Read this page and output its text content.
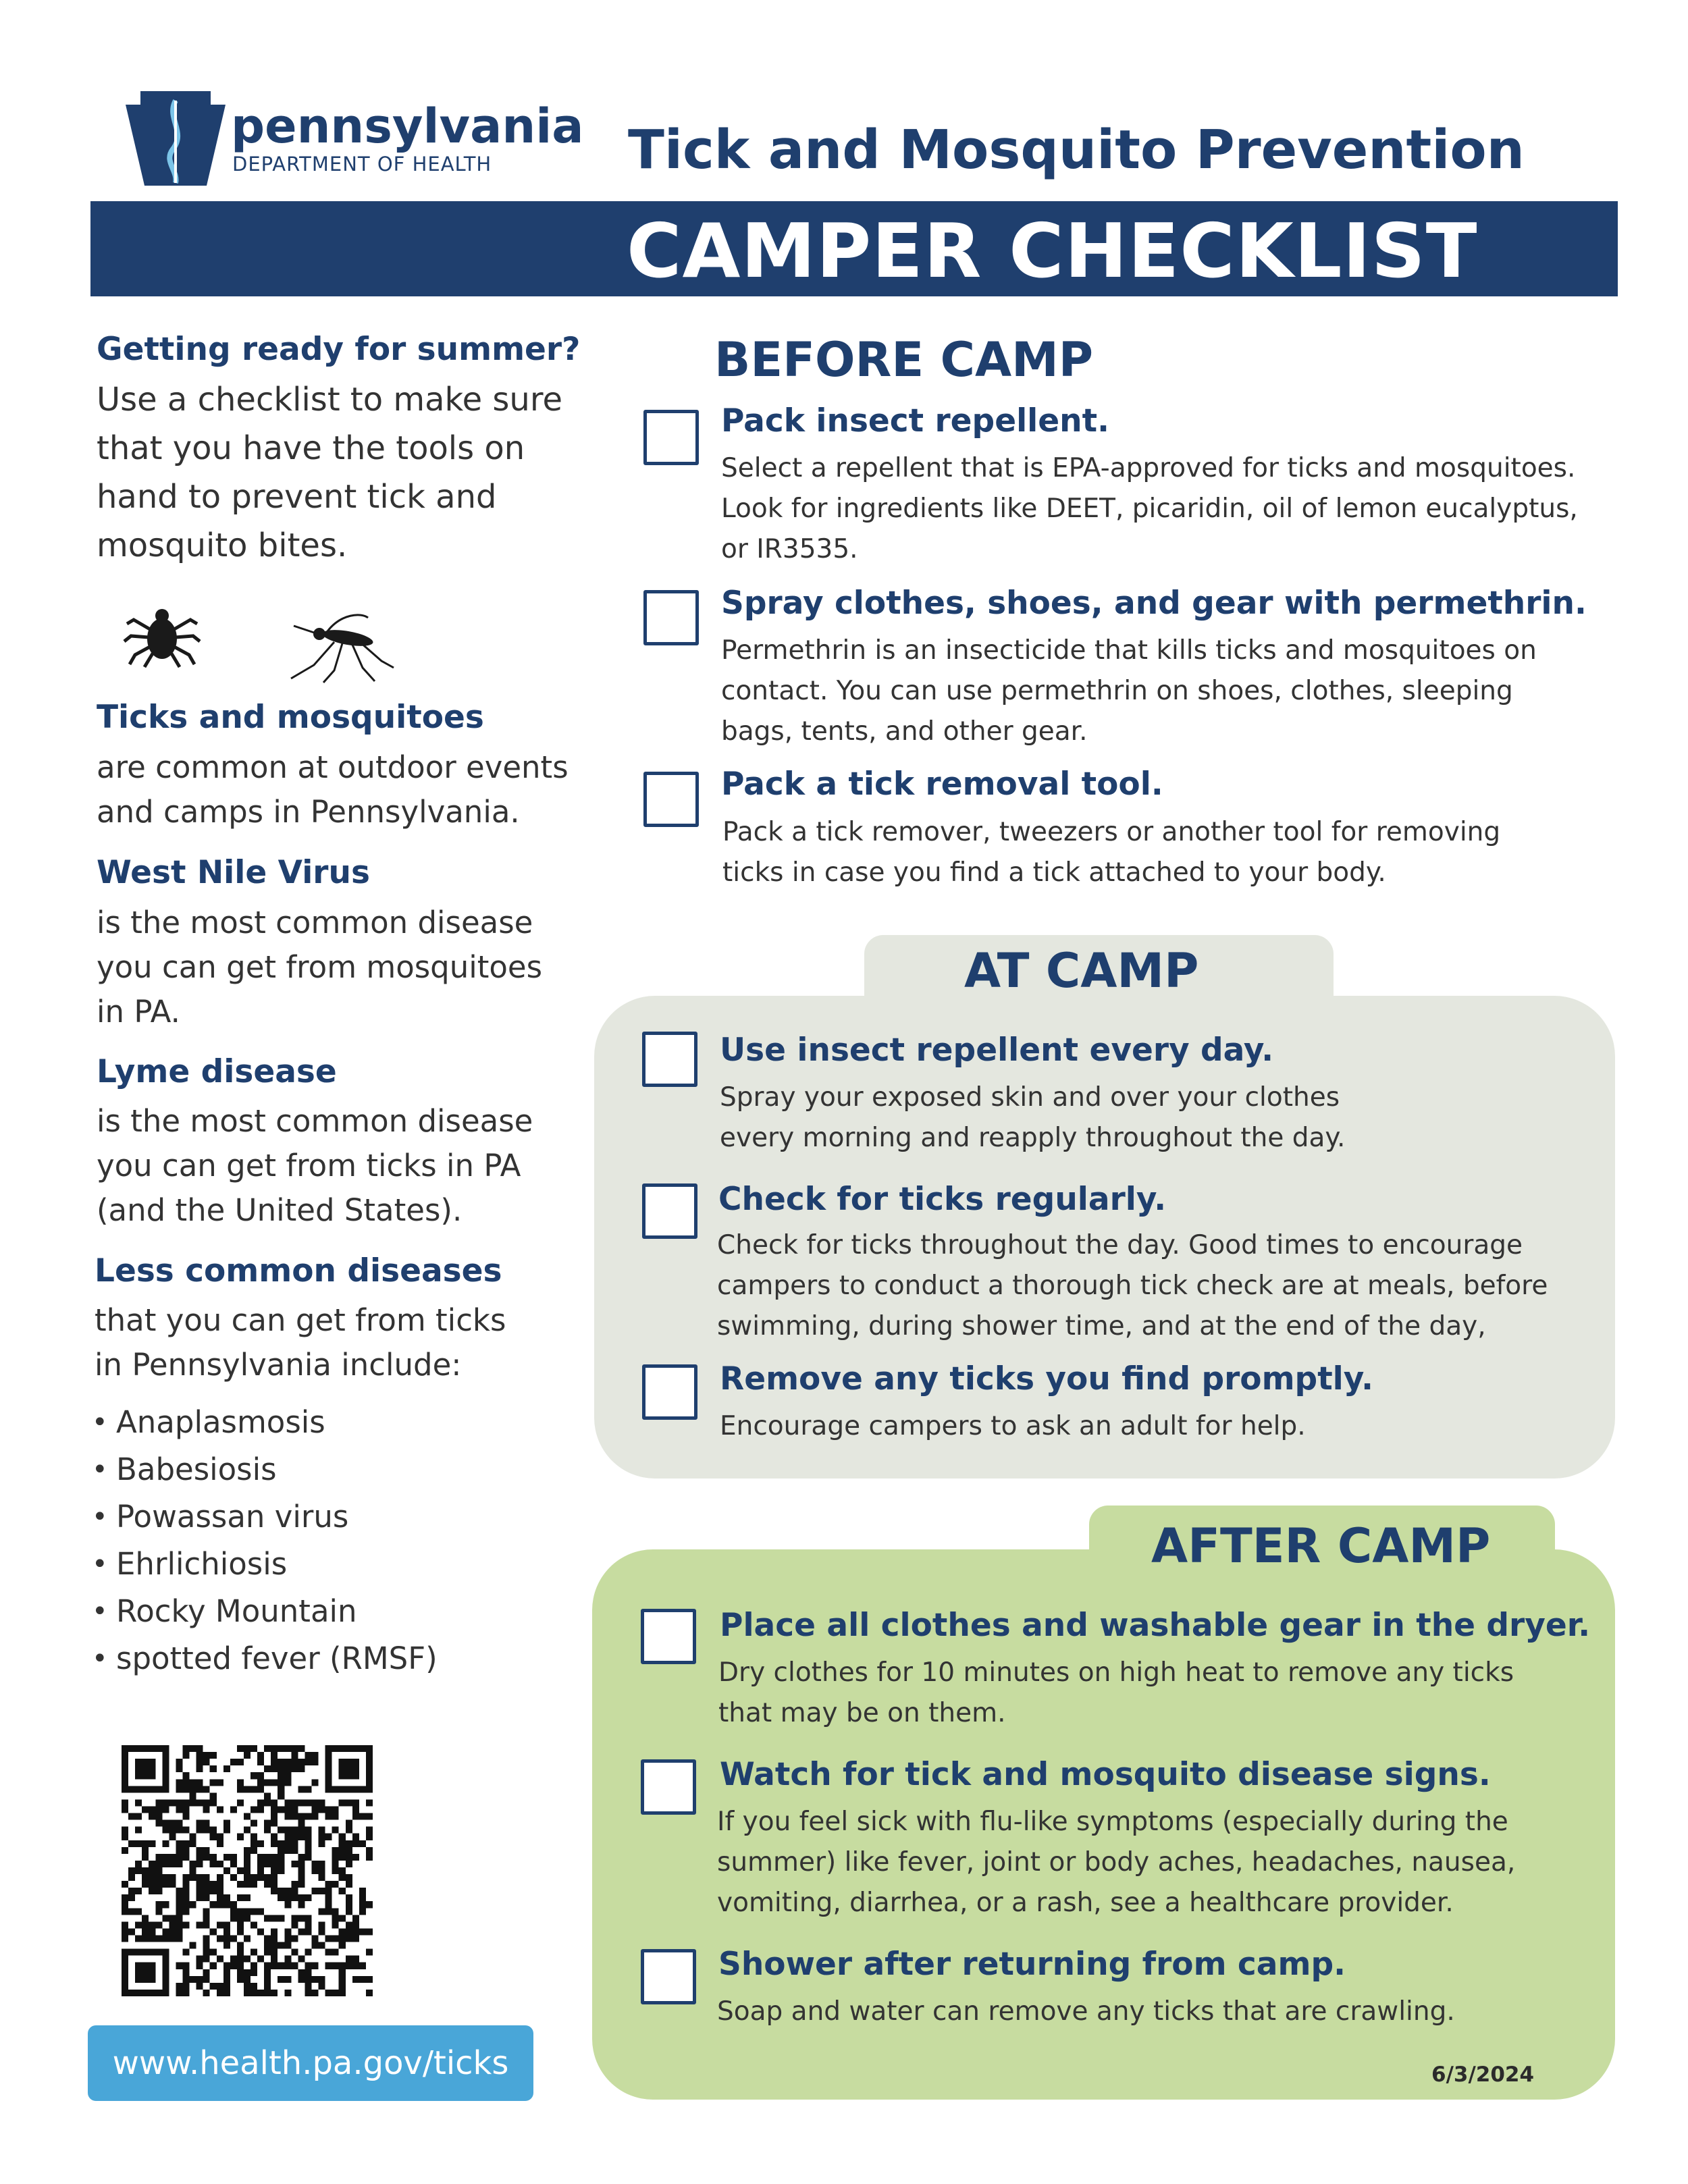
pennsylvania
DEPARTMENT OF HEALTH	Tick and Mosquito Prevention
CAMPER CHECKLIST
Getting ready for summer?
Use a checklist to make sure
that you have the tools on
hand to prevent tick and
mosquito bites.
Ticks and mosquitoes
are common at outdoor events
and camps in Pennsylvania.
West Nile Virus
is the most common disease
you can get from mosquitoes
in PA.
Lyme disease
is the most common disease
you can get from ticks in PA
(and the United States).
Less common diseases
that you can get from ticks
in Pennsylvania include:
• Anaplasmosis
• Babesiosis
• Powassan virus
• Ehrlichiosis
• Rocky Mountain
• spotted fever (RMSF)
www.health.pa.gov/ticks
BEFORE CAMP
Pack insect repellent.
Select a repellent that is EPA-approved for ticks and mosquitoes.
Look for ingredients like DEET, picaridin, oil of lemon eucalyptus,
or IR3535.
Spray clothes, shoes, and gear with permethrin.
Permethrin is an insecticide that kills ticks and mosquitoes on
contact. You can use permethrin on shoes, clothes, sleeping
bags, tents, and other gear.
Pack a tick removal tool.
Pack a tick remover, tweezers or another tool for removing
ticks in case you find a tick attached to your body.
AT CAMP
Use insect repellent every day.
Spray your exposed skin and over your clothes
every morning and reapply throughout the day.
Check for ticks regularly.
Check for ticks throughout the day. Good times to encourage
campers to conduct a thorough tick check are at meals, before
swimming, during shower time, and at the end of the day,
Remove any ticks you find promptly.
Encourage campers to ask an adult for help.
AFTER CAMP
Place all clothes and washable gear in the dryer.
Dry clothes for 10 minutes on high heat to remove any ticks
that may be on them.
Watch for tick and mosquito disease signs.
If you feel sick with flu-like symptoms (especially during the
summer) like fever, joint or body aches, headaches, nausea,
vomiting, diarrhea, or a rash, see a healthcare provider.
Shower after returning from camp.
Soap and water can remove any ticks that are crawling.
6/3/2024
